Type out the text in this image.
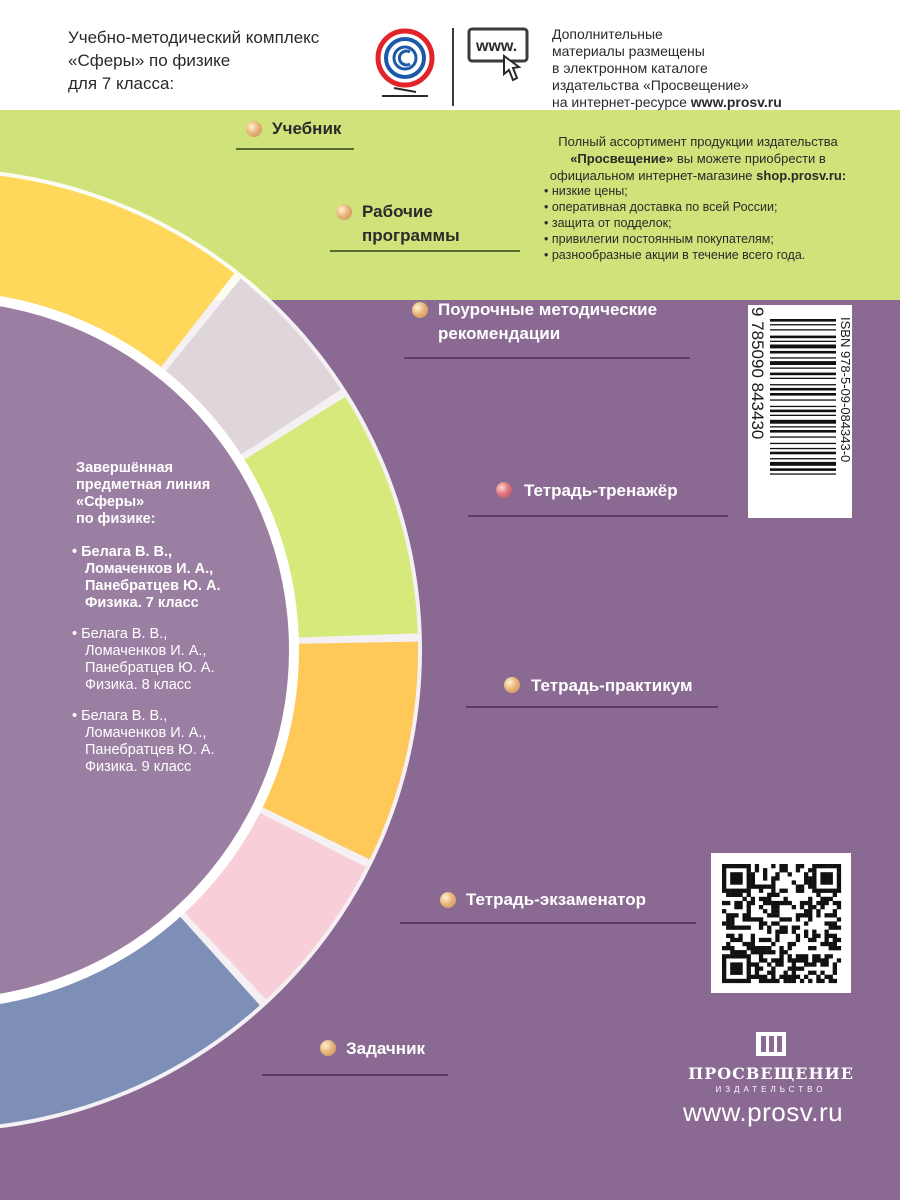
Учебно-методический комплекс
«Сферы» по физике
для 7 класса:
www.
Дополнительные
материалы размещены
в электронном каталоге
издательства «Просвещение»
на интернет-ресурсе www.prosv.ru
Полный ассортимент продукции издательства
«Просвещение» вы можете приобрести в
официальном интернет-магазине shop.prosv.ru:
• низкие цены;
• оперативная доставка по всей России;
• защита от подделок;
• привилегии постоянным покупателям;
• разнообразные акции в течение всего года.
Учебник
Рабочие
программы
Поурочные методические
рекомендации
Тетрадь-тренажёр
Тетрадь-практикум
Тетрадь-экзаменатор
Задачник
Завершённая
предметная линия
«Сферы»
по физике:
• Белага В. В.,
Ломаченков И. А.,
Панебратцев Ю. А.
Физика. 7 класс
• Белага В. В.,
Ломаченков И. А.,
Панебратцев Ю. А.
Физика. 8 класс
• Белага В. В.,
Ломаченков И. А.,
Панебратцев Ю. А.
Физика. 9 класс
ISBN 978-5-09-084343-0
9 785090 843430
ПРОСВЕЩЕНИЕ
ИЗДАТЕЛЬСТВО
www.prosv.ru
